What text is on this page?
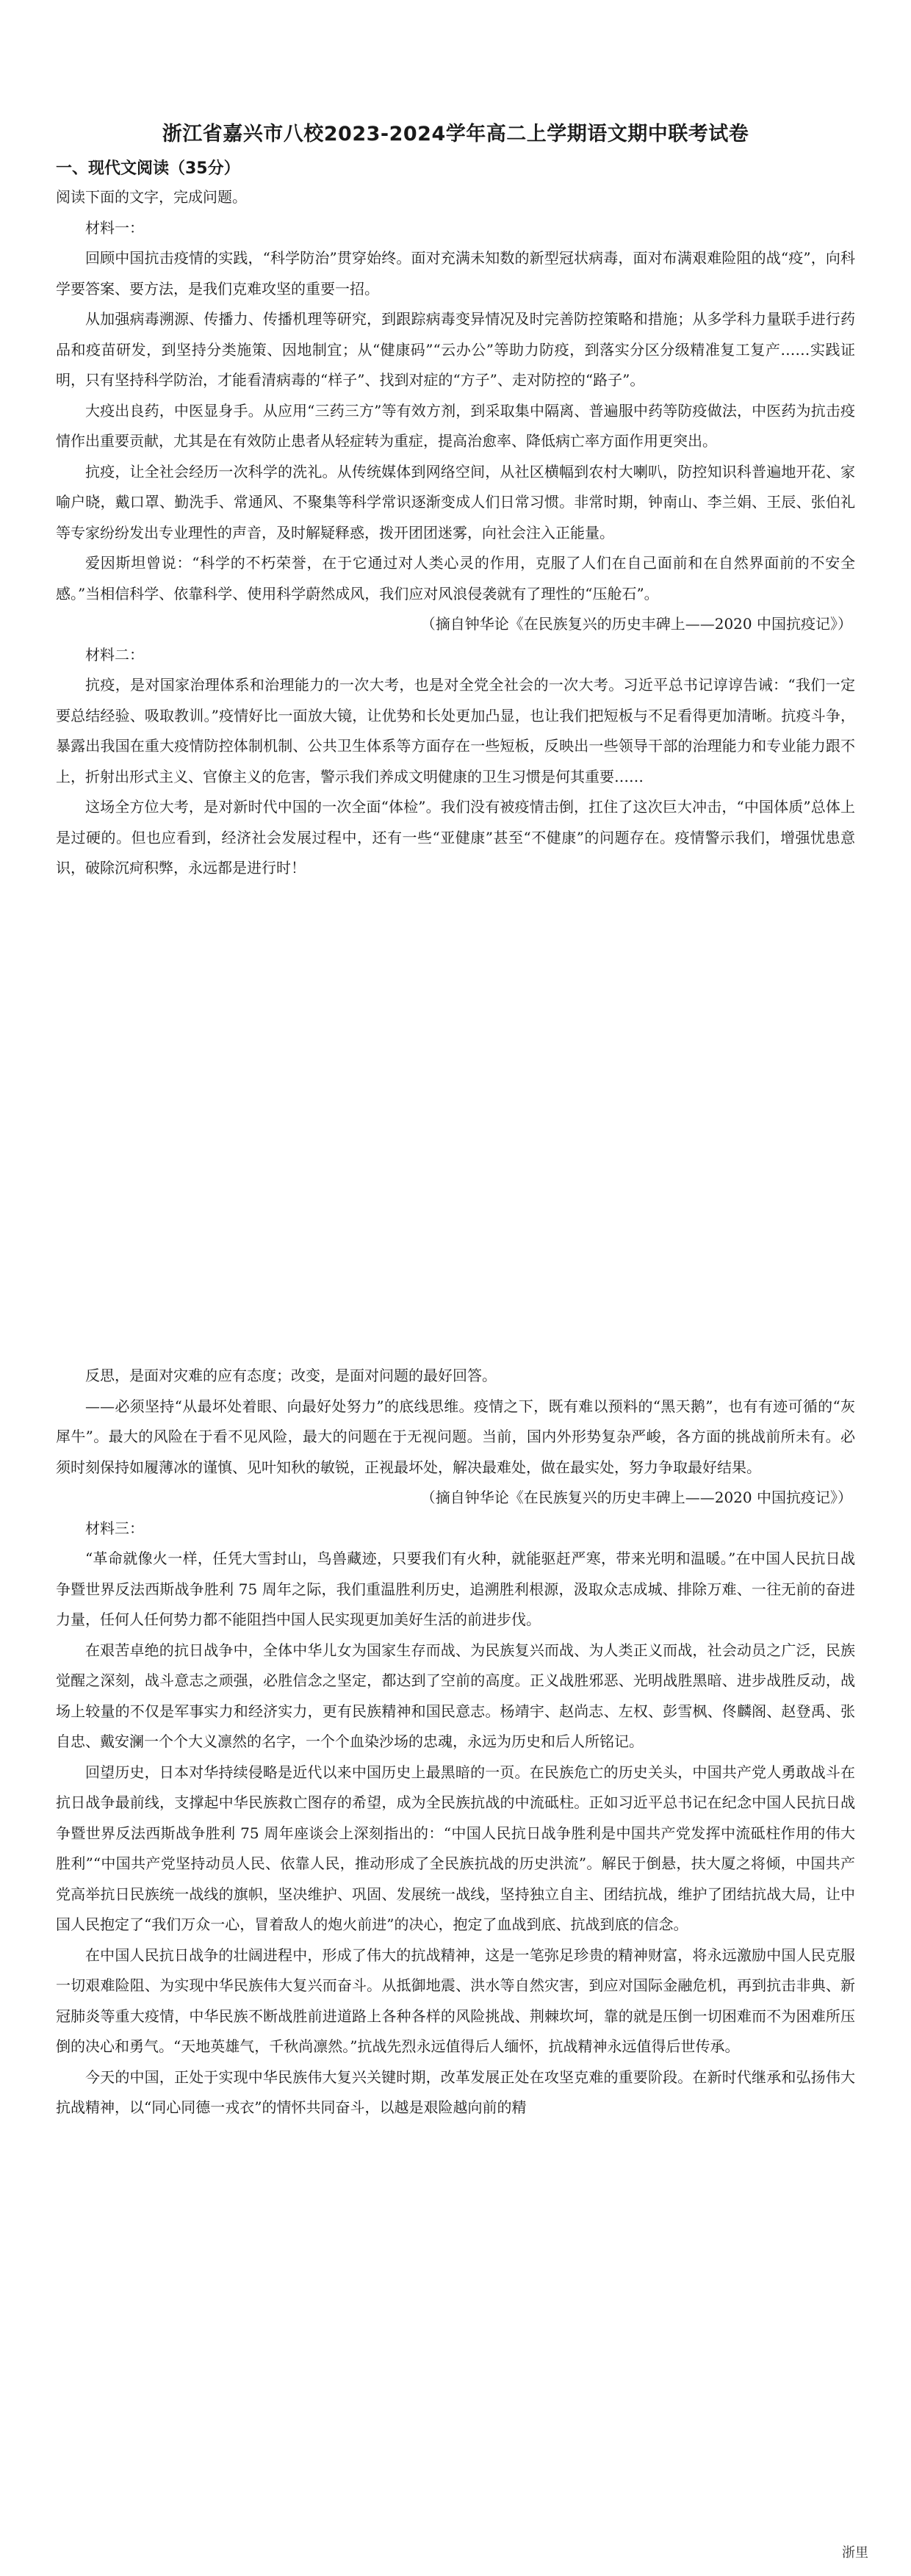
浙江省嘉兴市八校2023-2024学年高二上学期语文期中联考试卷
一、现代文阅读（35分）

阅读下面的文字，完成问题。

材料一：

回顾中国抗击疫情的实践，“科学防治”贯穿始终。面对充满未知数的新型冠状病毒，面对布满艰难险阻的战“疫”，向科学要答案、要方法，是我们克难攻坚的重要一招。

从加强病毒溯源、传播力、传播机理等研究，到跟踪病毒变异情况及时完善防控策略和措施；从多学科力量联手进行药品和疫苗研发，到坚持分类施策、因地制宜；从“健康码”“云办公”等助力防疫，到落实分区分级精准复工复产……实践证明，只有坚持科学防治，才能看清病毒的“样子”、找到对症的“方子”、走对防控的“路子”。

大疫出良药，中医显身手。从应用“三药三方”等有效方剂，到采取集中隔离、普遍服中药等防疫做法，中医药为抗击疫情作出重要贡献，尤其是在有效防止患者从轻症转为重症，提高治愈率、降低病亡率方面作用更突出。

抗疫，让全社会经历一次科学的洗礼。从传统媒体到网络空间，从社区横幅到农村大喇叭，防控知识科普遍地开花、家喻户晓，戴口罩、勤洗手、常通风、不聚集等科学常识逐渐变成人们日常习惯。非常时期，钟南山、李兰娟、王辰、张伯礼等专家纷纷发出专业理性的声音，及时解疑释惑，拨开团团迷雾，向社会注入正能量。

爱因斯坦曾说：“科学的不朽荣誉，在于它通过对人类心灵的作用，克服了人们在自己面前和在自然界面前的不安全感。”当相信科学、依靠科学、使用科学蔚然成风，我们应对风浪侵袭就有了理性的“压舱石”。

（摘自钟华论《在民族复兴的历史丰碑上——2020 中国抗疫记》）

材料二：

抗疫，是对国家治理体系和治理能力的一次大考，也是对全党全社会的一次大考。习近平总书记谆谆告诫：“我们一定要总结经验、吸取教训。”疫情好比一面放大镜，让优势和长处更加凸显，也让我们把短板与不足看得更加清晰。抗疫斗争，暴露出我国在重大疫情防控体制机制、公共卫生体系等方面存在一些短板，反映出一些领导干部的治理能力和专业能力跟不上，折射出形式主义、官僚主义的危害，警示我们养成文明健康的卫生习惯是何其重要……

这场全方位大考，是对新时代中国的一次全面“体检”。我们没有被疫情击倒，扛住了这次巨大冲击，“中国体质”总体上是过硬的。但也应看到，经济社会发展过程中，还有一些“亚健康”甚至“不健康”的问题存在。疫情警示我们，增强忧患意识，破除沉疴积弊，永远都是进行时！

反思，是面对灾难的应有态度；改变，是面对问题的最好回答。

——必须坚持“从最坏处着眼、向最好处努力”的底线思维。疫情之下，既有难以预料的“黑天鹅”，也有有迹可循的“灰犀牛”。最大的风险在于看不见风险，最大的问题在于无视问题。当前，国内外形势复杂严峻，各方面的挑战前所未有。必须时刻保持如履薄冰的谨慎、见叶知秋的敏锐，正视最坏处，解决最难处，做在最实处，努力争取最好结果。

（摘自钟华论《在民族复兴的历史丰碑上——2020 中国抗疫记》）

材料三：

“革命就像火一样，任凭大雪封山，鸟兽藏迹，只要我们有火种，就能驱赶严寒，带来光明和温暖。”在中国人民抗日战争暨世界反法西斯战争胜利 75 周年之际，我们重温胜利历史，追溯胜利根源，汲取众志成城、排除万难、一往无前的奋进力量，任何人任何势力都不能阻挡中国人民实现更加美好生活的前进步伐。

在艰苦卓绝的抗日战争中，全体中华儿女为国家生存而战、为民族复兴而战、为人类正义而战，社会动员之广泛，民族觉醒之深刻，战斗意志之顽强，必胜信念之坚定，都达到了空前的高度。正义战胜邪恶、光明战胜黑暗、进步战胜反动，战场上较量的不仅是军事实力和经济实力，更有民族精神和国民意志。杨靖宇、赵尚志、左权、彭雪枫、佟麟阁、赵登禹、张自忠、戴安澜一个个大义凛然的名字，一个个血染沙场的忠魂，永远为历史和后人所铭记。

回望历史，日本对华持续侵略是近代以来中国历史上最黑暗的一页。在民族危亡的历史关头，中国共产党人勇敢战斗在抗日战争最前线，支撑起中华民族救亡图存的希望，成为全民族抗战的中流砥柱。正如习近平总书记在纪念中国人民抗日战争暨世界反法西斯战争胜利 75 周年座谈会上深刻指出的：“中国人民抗日战争胜利是中国共产党发挥中流砥柱作用的伟大胜利”“中国共产党坚持动员人民、依靠人民，推动形成了全民族抗战的历史洪流”。解民于倒悬，扶大厦之将倾，中国共产党高举抗日民族统一战线的旗帜，坚决维护、巩固、发展统一战线，坚持独立自主、团结抗战，维护了团结抗战大局，让中国人民抱定了“我们万众一心，冒着敌人的炮火前进”的决心，抱定了血战到底、抗战到底的信念。

在中国人民抗日战争的壮阔进程中，形成了伟大的抗战精神，这是一笔弥足珍贵的精神财富，将永远激励中国人民克服一切艰难险阻、为实现中华民族伟大复兴而奋斗。从抵御地震、洪水等自然灾害，到应对国际金融危机，再到抗击非典、新冠肺炎等重大疫情，中华民族不断战胜前进道路上各种各样的风险挑战、荆棘坎坷，靠的就是压倒一切困难而不为困难所压倒的决心和勇气。“天地英雄气，千秋尚凛然。”抗战先烈永远值得后人缅怀，抗战精神永远值得后世传承。

今天的中国，正处于实现中华民族伟大复兴关键时期，改革发展正处在攻坚克难的重要阶段。在新时代继承和弘扬伟大抗战精神，以“同心同德一戎衣”的情怀共同奋斗，以越是艰险越向前的精

浙里
